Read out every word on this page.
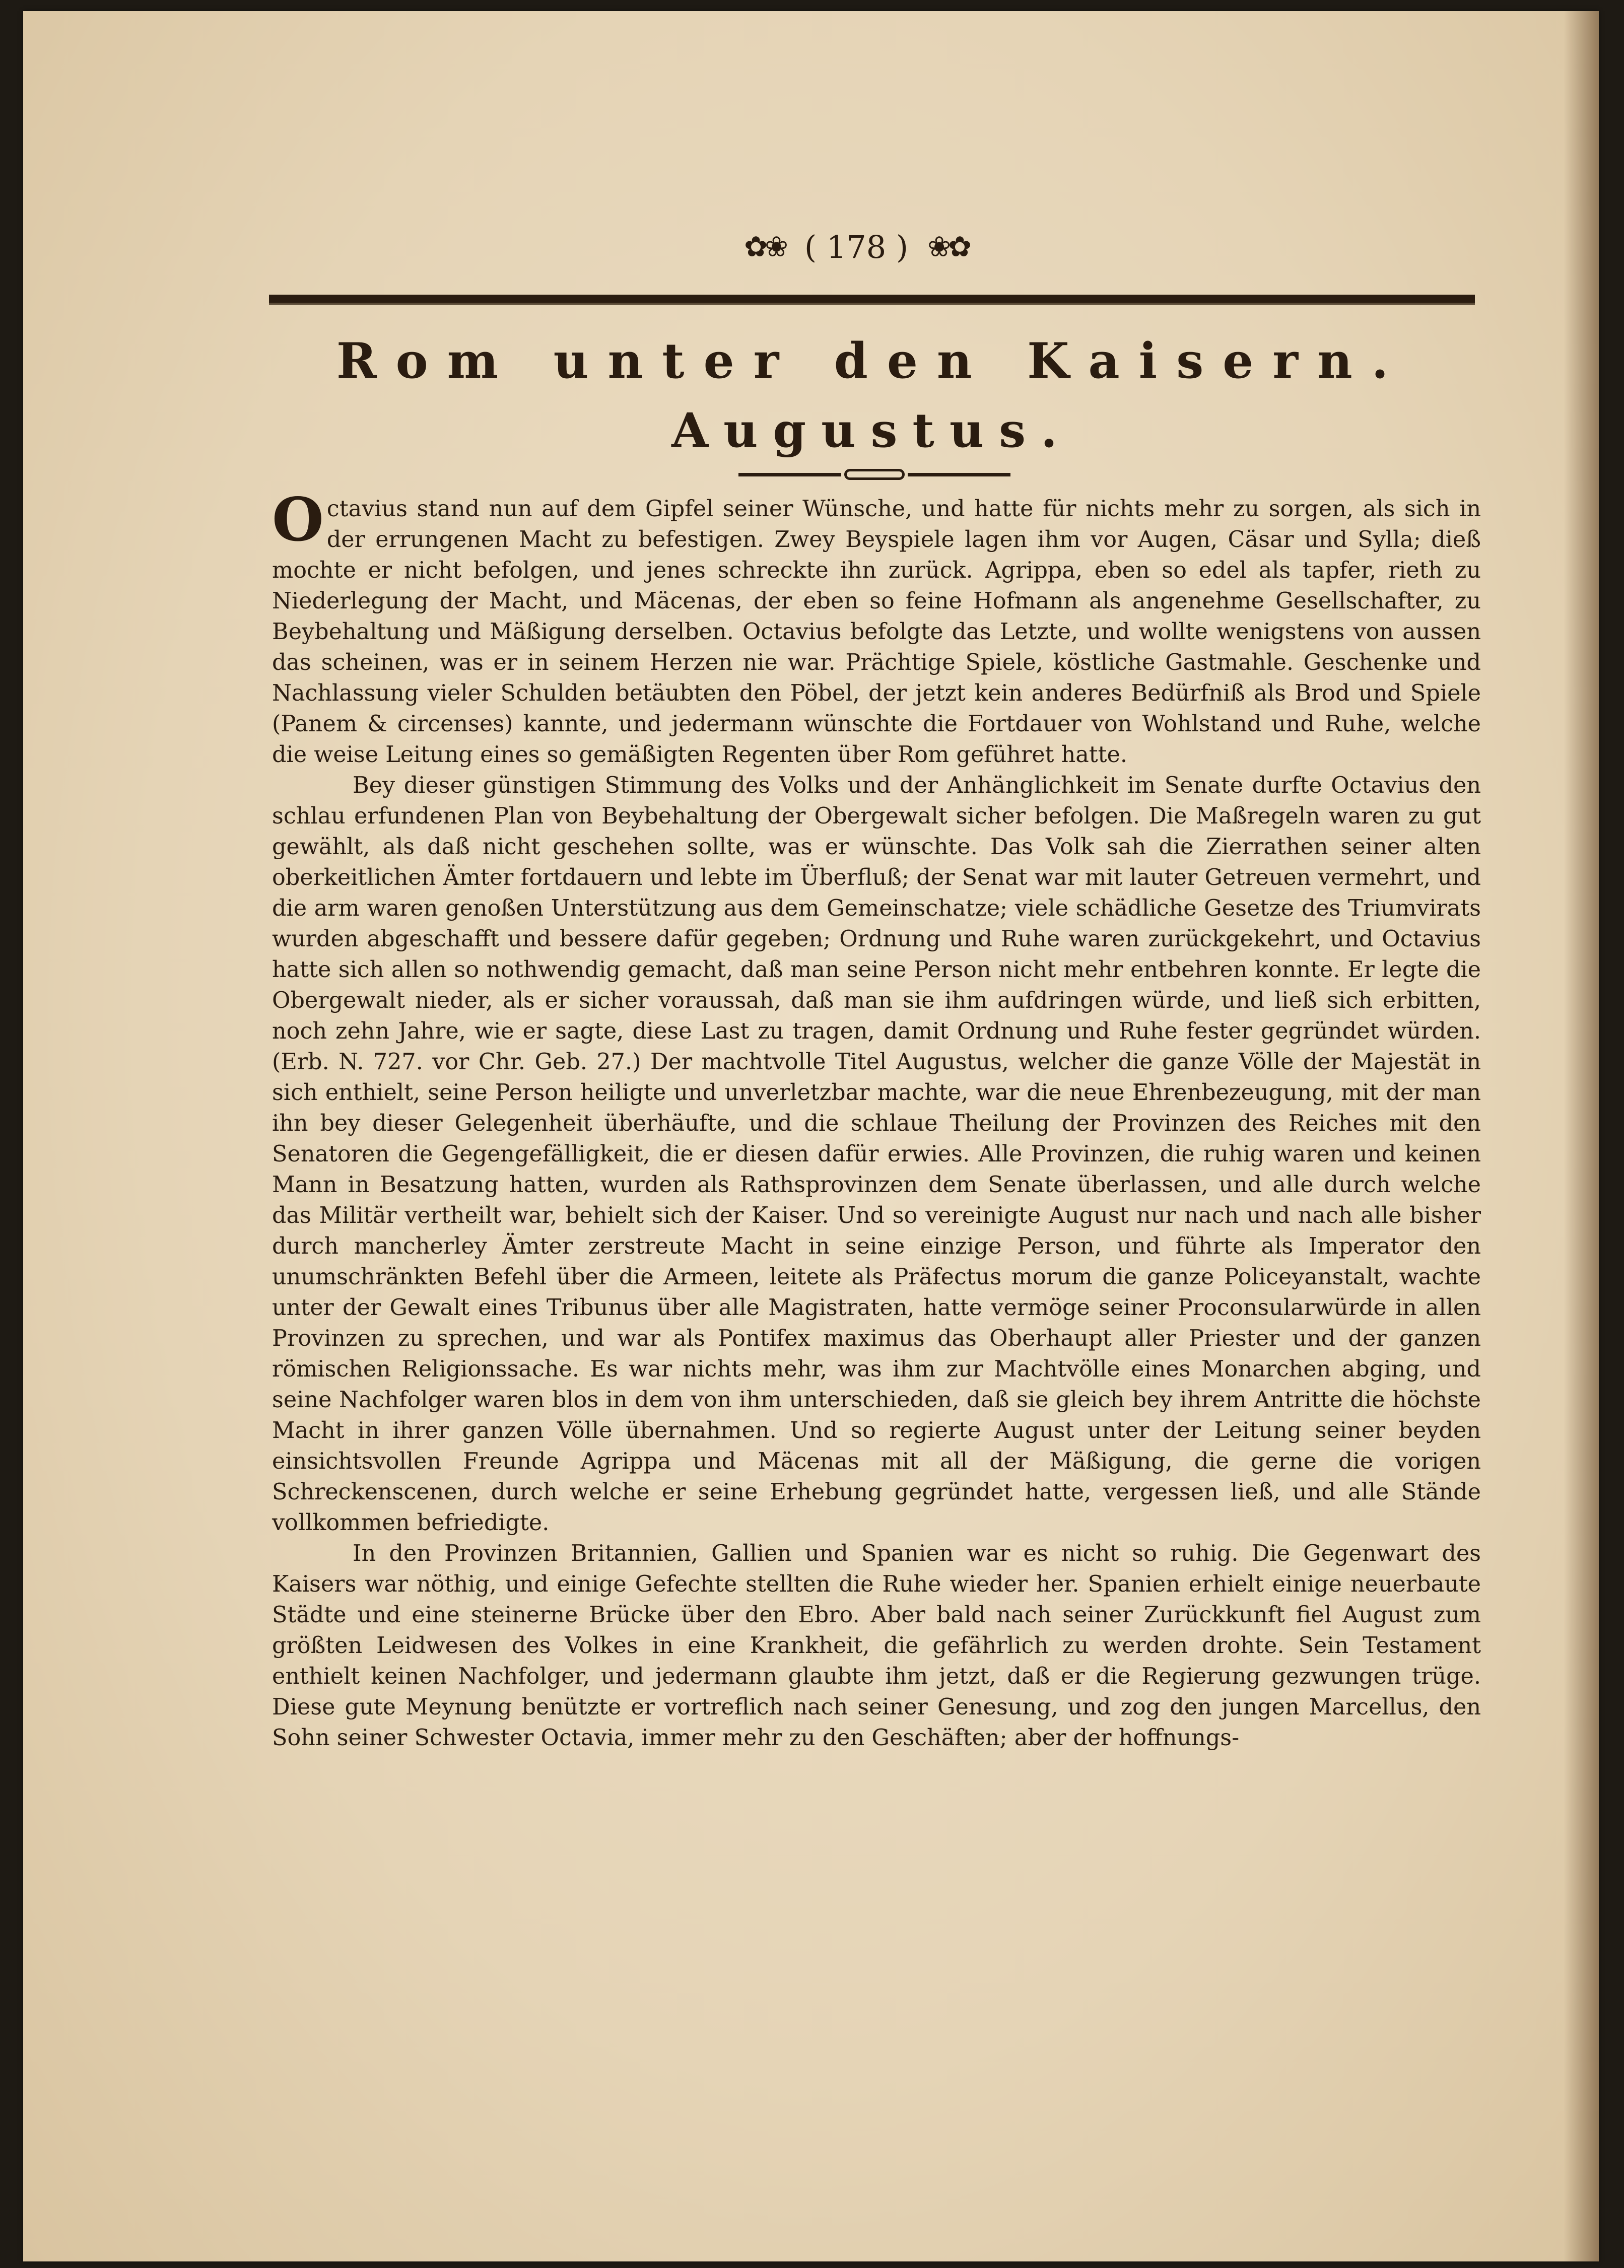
✿❀ ( 178 ) ❀✿
Rom unter den Kaisern.
Augustus.

Octavius stand nun auf dem Gipfel seiner Wünsche, und hatte für nichts mehr zu sorgen, als sich in der errungenen Macht zu befestigen. Zwey Beyspiele lagen ihm vor Augen, Cäsar und Sylla; dieß mochte er nicht befolgen, und jenes schreckte ihn zurück. Agrippa, eben so edel als tapfer, rieth zu Niederlegung der Macht, und Mäcenas, der eben so feine Hofmann als angenehme Gesellschafter, zu Beybehaltung und Mäßigung derselben. Octavius befolgte das Letzte, und wollte wenigstens von aussen das scheinen, was er in seinem Herzen nie war. Prächtige Spiele, köstliche Gastmahle. Geschenke und Nachlassung vieler Schulden betäubten den Pöbel, der jetzt kein anderes Bedürfniß als Brod und Spiele (Panem & circenses) kannte, und jedermann wünschte die Fortdauer von Wohlstand und Ruhe, welche die weise Leitung eines so gemäßigten Regenten über Rom geführet hatte.

Bey dieser günstigen Stimmung des Volks und der Anhänglichkeit im Senate durfte Octavius den schlau erfundenen Plan von Beybehaltung der Obergewalt sicher befolgen. Die Maßregeln waren zu gut gewählt, als daß nicht geschehen sollte, was er wünschte. Das Volk sah die Zierrathen seiner alten oberkeitlichen Ämter fortdauern und lebte im Überfluß; der Senat war mit lauter Getreuen vermehrt, und die arm waren genoßen Unterstützung aus dem Gemeinschatze; viele schädliche Gesetze des Triumvirats wurden abgeschafft und bessere dafür gegeben; Ordnung und Ruhe waren zurückgekehrt, und Octavius hatte sich allen so nothwendig gemacht, daß man seine Person nicht mehr entbehren konnte. Er legte die Obergewalt nieder, als er sicher voraussah, daß man sie ihm aufdringen würde, und ließ sich erbitten, noch zehn Jahre, wie er sagte, diese Last zu tragen, damit Ordnung und Ruhe fester gegründet würden. (Erb. N. 727. vor Chr. Geb. 27.) Der machtvolle Titel Augustus, welcher die ganze Völle der Majestät in sich enthielt, seine Person heiligte und unverletzbar machte, war die neue Ehrenbezeugung, mit der man ihn bey dieser Gelegenheit überhäufte, und die schlaue Theilung der Provinzen des Reiches mit den Senatoren die Gegengefälligkeit, die er diesen dafür erwies. Alle Provinzen, die ruhig waren und keinen Mann in Besatzung hatten, wurden als Rathsprovinzen dem Senate überlassen, und alle durch welche das Militär vertheilt war, behielt sich der Kaiser. Und so vereinigte August nur nach und nach alle bisher durch mancherley Ämter zerstreute Macht in seine einzige Person, und führte als Imperator den unumschränkten Befehl über die Armeen, leitete als Präfectus morum die ganze Policeyanstalt, wachte unter der Gewalt eines Tribunus über alle Magistraten, hatte vermöge seiner Proconsularwürde in allen Provinzen zu sprechen, und war als Pontifex maximus das Oberhaupt aller Priester und der ganzen römischen Religionssache. Es war nichts mehr, was ihm zur Machtvölle eines Monarchen abging, und seine Nachfolger waren blos in dem von ihm unterschieden, daß sie gleich bey ihrem Antritte die höchste Macht in ihrer ganzen Völle übernahmen. Und so regierte August unter der Leitung seiner beyden einsichtsvollen Freunde Agrippa und Mäcenas mit all der Mäßigung, die gerne die vorigen Schreckenscenen, durch welche er seine Erhebung gegründet hatte, vergessen ließ, und alle Stände vollkommen befriedigte.

In den Provinzen Britannien, Gallien und Spanien war es nicht so ruhig. Die Gegenwart des Kaisers war nöthig, und einige Gefechte stellten die Ruhe wieder her. Spanien erhielt einige neuerbaute Städte und eine steinerne Brücke über den Ebro. Aber bald nach seiner Zurückkunft fiel August zum größten Leidwesen des Volkes in eine Krankheit, die gefährlich zu werden drohte. Sein Testament enthielt keinen Nachfolger, und jedermann glaubte ihm jetzt, daß er die Regierung gezwungen trüge. Diese gute Meynung benützte er vortreflich nach seiner Genesung, und zog den jungen Marcellus, den Sohn seiner Schwester Octavia, immer mehr zu den Geschäften; aber der hoffnungs-
